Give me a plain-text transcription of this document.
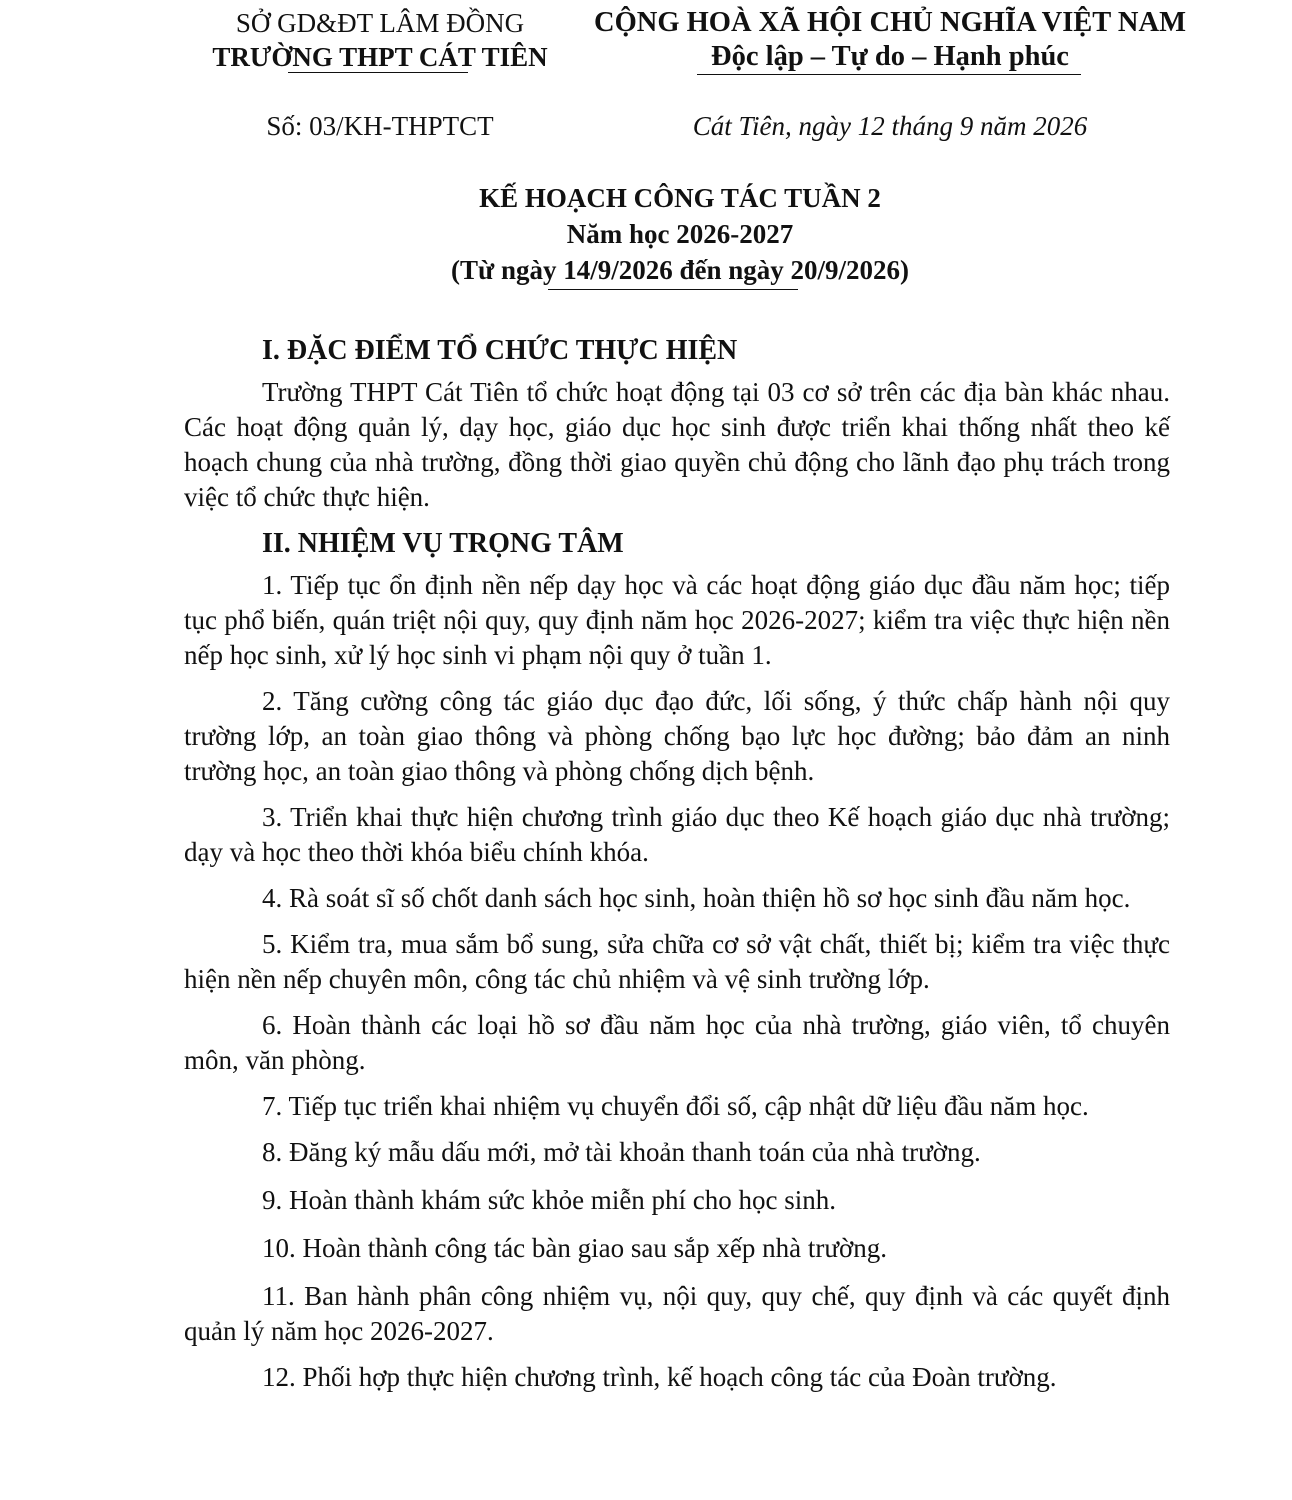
SỞ GD&ĐT LÂM ĐỒNG
TRƯỜNG THPT CÁT TIÊN
CỘNG HOÀ XÃ HỘI CHỦ NGHĨA VIỆT NAM
Độc lập – Tự do – Hạnh phúc
Số: 03/KH-THPTCT	Cát Tiên, ngày 12 tháng 9 năm 2026
KẾ HOẠCH CÔNG TÁC TUẦN 2
Năm học 2026-2027
(Từ ngày 14/9/2026 đến ngày 20/9/2026)
I. ĐẶC ĐIỂM TỔ CHỨC THỰC HIỆN

Trường THPT Cát Tiên tổ chức hoạt động tại 03 cơ sở trên các địa bàn khác nhau. Các hoạt động quản lý, dạy học, giáo dục học sinh được triển khai thống nhất theo kế hoạch chung của nhà trường, đồng thời giao quyền chủ động cho lãnh đạo phụ trách trong việc tổ chức thực hiện.

II. NHIỆM VỤ TRỌNG TÂM

1. Tiếp tục ổn định nền nếp dạy học và các hoạt động giáo dục đầu năm học; tiếp tục phổ biến, quán triệt nội quy, quy định năm học 2026-2027; kiểm tra việc thực hiện nền nếp học sinh, xử lý học sinh vi phạm nội quy ở tuần 1.

2. Tăng cường công tác giáo dục đạo đức, lối sống, ý thức chấp hành nội quy trường lớp, an toàn giao thông và phòng chống bạo lực học đường; bảo đảm an ninh trường học, an toàn giao thông và phòng chống dịch bệnh.

3. Triển khai thực hiện chương trình giáo dục theo Kế hoạch giáo dục nhà trường; dạy và học theo thời khóa biểu chính khóa.

4. Rà soát sĩ số chốt danh sách học sinh, hoàn thiện hồ sơ học sinh đầu năm học.

5. Kiểm tra, mua sắm bổ sung, sửa chữa cơ sở vật chất, thiết bị; kiểm tra việc thực hiện nền nếp chuyên môn, công tác chủ nhiệm và vệ sinh trường lớp.

6. Hoàn thành các loại hồ sơ đầu năm học của nhà trường, giáo viên, tổ chuyên môn, văn phòng.

7. Tiếp tục triển khai nhiệm vụ chuyển đổi số, cập nhật dữ liệu đầu năm học.

8. Đăng ký mẫu dấu mới, mở tài khoản thanh toán của nhà trường.

9. Hoàn thành khám sức khỏe miễn phí cho học sinh.

10. Hoàn thành công tác bàn giao sau sắp xếp nhà trường.

11. Ban hành phân công nhiệm vụ, nội quy, quy chế, quy định và các quyết định quản lý năm học 2026-2027.

12. Phối hợp thực hiện chương trình, kế hoạch công tác của Đoàn trường.
